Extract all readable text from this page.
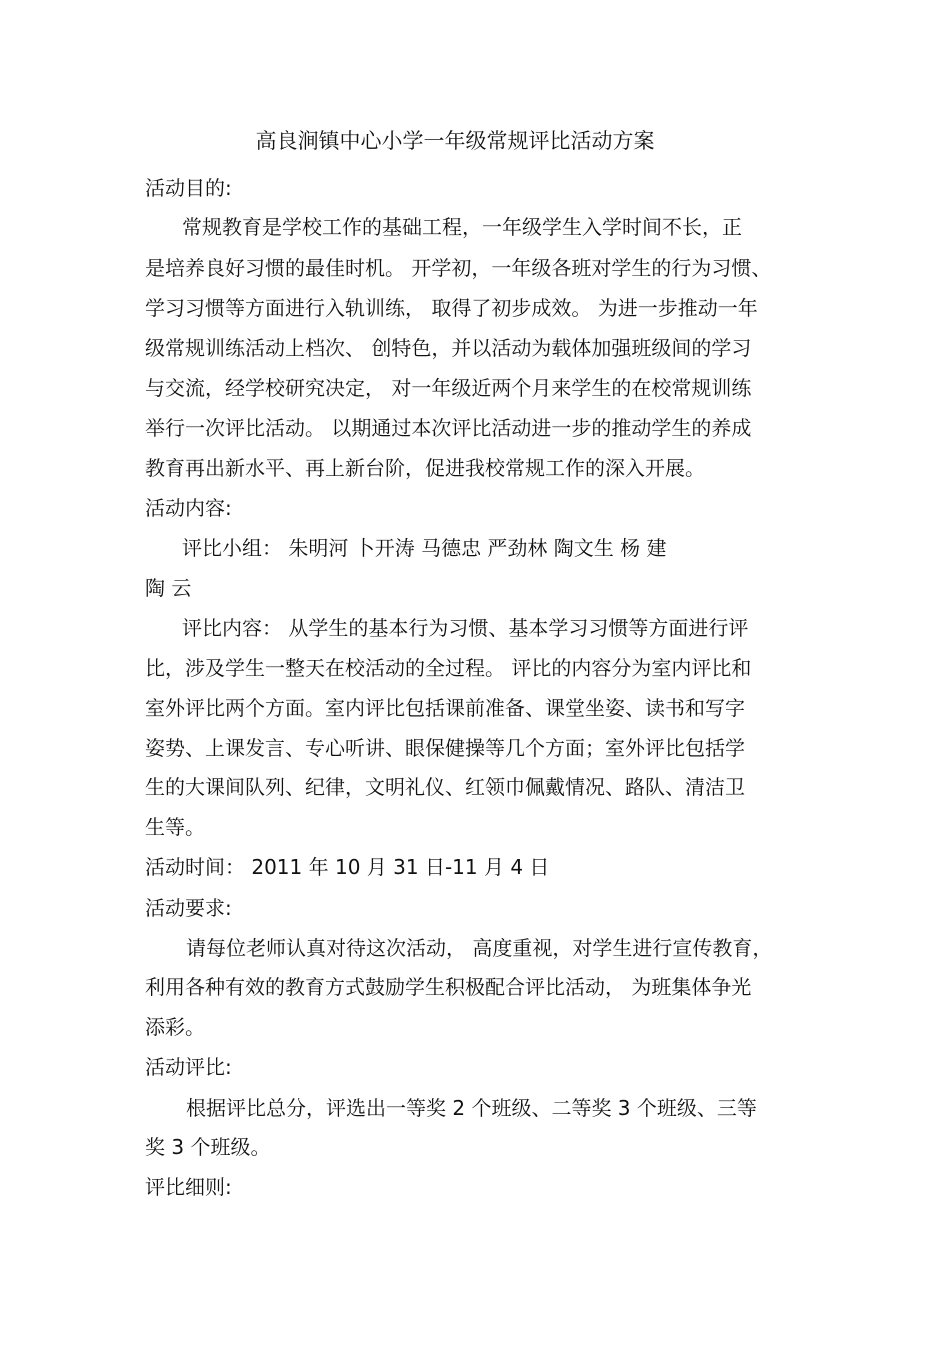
高良涧镇中心小学一年级常规评比活动方案
活动目的:
常规教育是学校工作的基础工程，一年级学生入学时间不长，正
是培养良好习惯的最佳时机。 开学初，一年级各班对学生的行为习惯、
学习习惯等方面进行入轨训练， 取得了初步成效。 为进一步推动一年
级常规训练活动上档次、 创特色，并以活动为载体加强班级间的学习
与交流，经学校研究决定， 对一年级近两个月来学生的在校常规训练
举行一次评比活动。 以期通过本次评比活动进一步的推动学生的养成
教育再出新水平、再上新台阶，促进我校常规工作的深入开展。
活动内容:
评比小组： 朱明河 卜开涛 马德忠 严劲林 陶文生 杨 建
陶 云
评比内容： 从学生的基本行为习惯、基本学习习惯等方面进行评
比，涉及学生一整天在校活动的全过程。 评比的内容分为室内评比和
室外评比两个方面。室内评比包括课前准备、课堂坐姿、读书和写字
姿势、上课发言、专心听讲、眼保健操等几个方面；室外评比包括学
生的大课间队列、纪律，文明礼仪、红领巾佩戴情况、路队、清洁卫
生等。
活动时间： 2011 年 10 月 31 日-11 月 4 日
活动要求:
请每位老师认真对待这次活动， 高度重视，对学生进行宣传教育，
利用各种有效的教育方式鼓励学生积极配合评比活动， 为班集体争光
添彩。
活动评比:
根据评比总分，评选出一等奖 2 个班级、二等奖 3 个班级、三等
奖 3 个班级。
评比细则:
